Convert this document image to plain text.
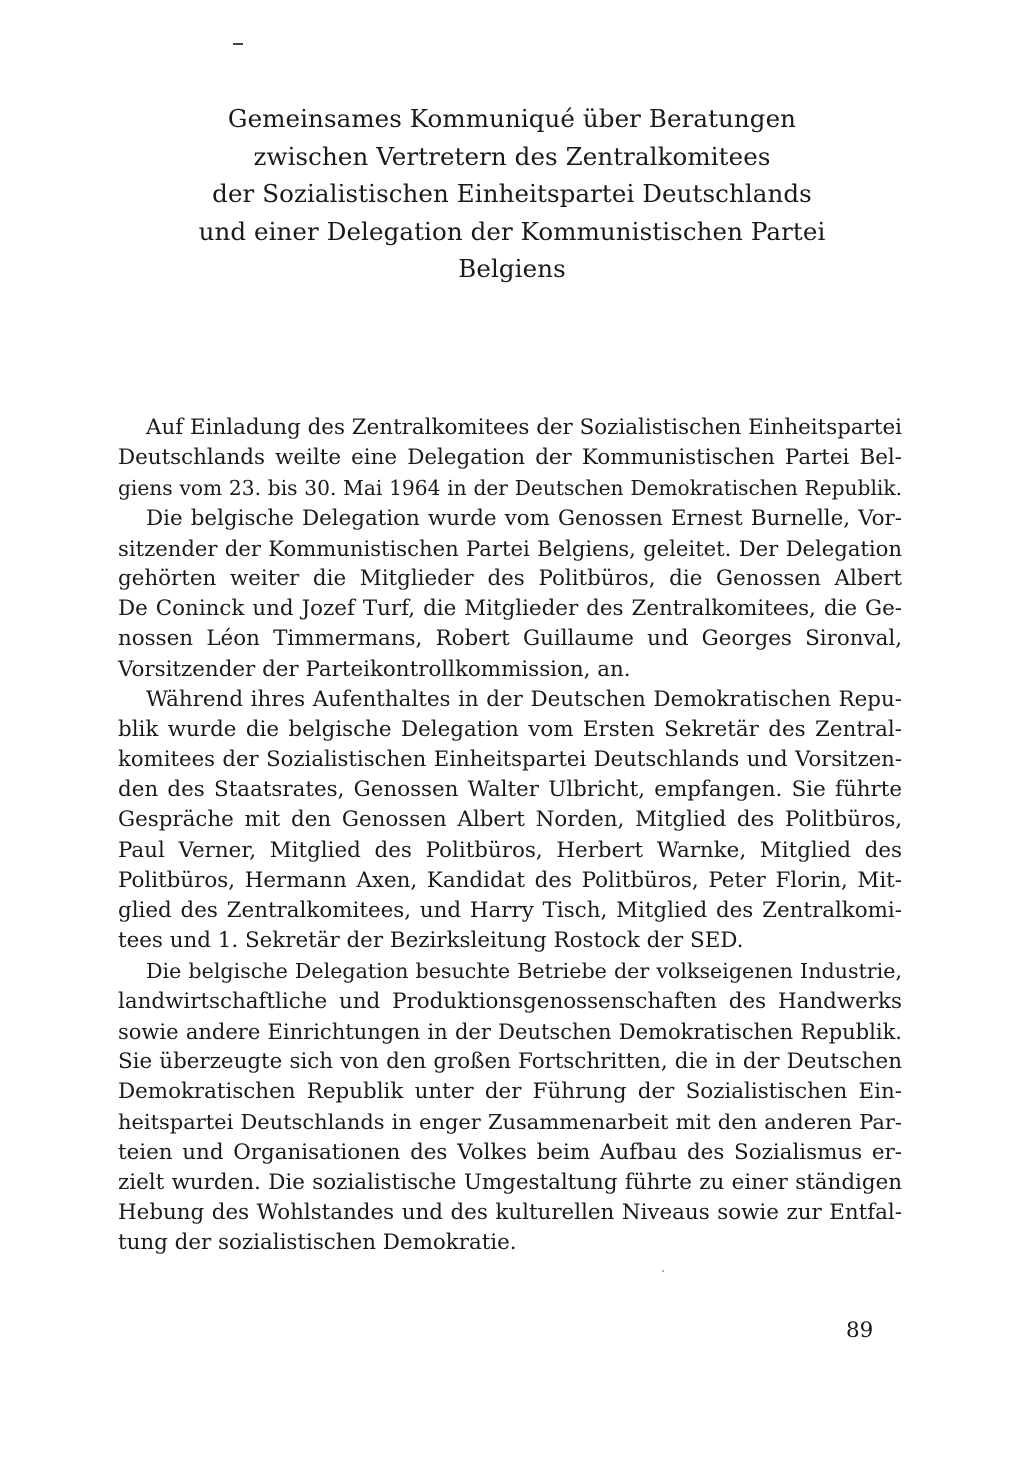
Gemeinsames Kommuniqué über Beratungen
zwischen Vertretern des Zentralkomitees
der Sozialistischen Einheitspartei Deutschlands
und einer Delegation der Kommunistischen Partei
Belgiens
Auf Einladung des Zentralkomitees der Sozialistischen Einheitspartei
Deutschlands weilte eine Delegation der Kommunistischen Partei Bel-
giens vom 23. bis 30. Mai 1964 in der Deutschen Demokratischen Republik.
Die belgische Delegation wurde vom Genossen Ernest Burnelle, Vor-
sitzender der Kommunistischen Partei Belgiens, geleitet. Der Delegation
gehörten weiter die Mitglieder des Politbüros, die Genossen Albert
De Coninck und Jozef Turf, die Mitglieder des Zentralkomitees, die Ge-
nossen Léon Timmermans, Robert Guillaume und Georges Sironval,
Vorsitzender der Parteikontrollkommission, an.
Während ihres Aufenthaltes in der Deutschen Demokratischen Repu-
blik wurde die belgische Delegation vom Ersten Sekretär des Zentral-
komitees der Sozialistischen Einheitspartei Deutschlands und Vorsitzen-
den des Staatsrates, Genossen Walter Ulbricht, empfangen. Sie führte
Gespräche mit den Genossen Albert Norden, Mitglied des Politbüros,
Paul Verner, Mitglied des Politbüros, Herbert Warnke, Mitglied des
Politbüros, Hermann Axen, Kandidat des Politbüros, Peter Florin, Mit-
glied des Zentralkomitees, und Harry Tisch, Mitglied des Zentralkomi-
tees und 1. Sekretär der Bezirksleitung Rostock der SED.
Die belgische Delegation besuchte Betriebe der volkseigenen Industrie,
landwirtschaftliche und Produktionsgenossenschaften des Handwerks
sowie andere Einrichtungen in der Deutschen Demokratischen Republik.
Sie überzeugte sich von den großen Fortschritten, die in der Deutschen
Demokratischen Republik unter der Führung der Sozialistischen Ein-
heitspartei Deutschlands in enger Zusammenarbeit mit den anderen Par-
teien und Organisationen des Volkes beim Aufbau des Sozialismus er-
zielt wurden. Die sozialistische Umgestaltung führte zu einer ständigen
Hebung des Wohlstandes und des kulturellen Niveaus sowie zur Entfal-
tung der sozialistischen Demokratie.
89
